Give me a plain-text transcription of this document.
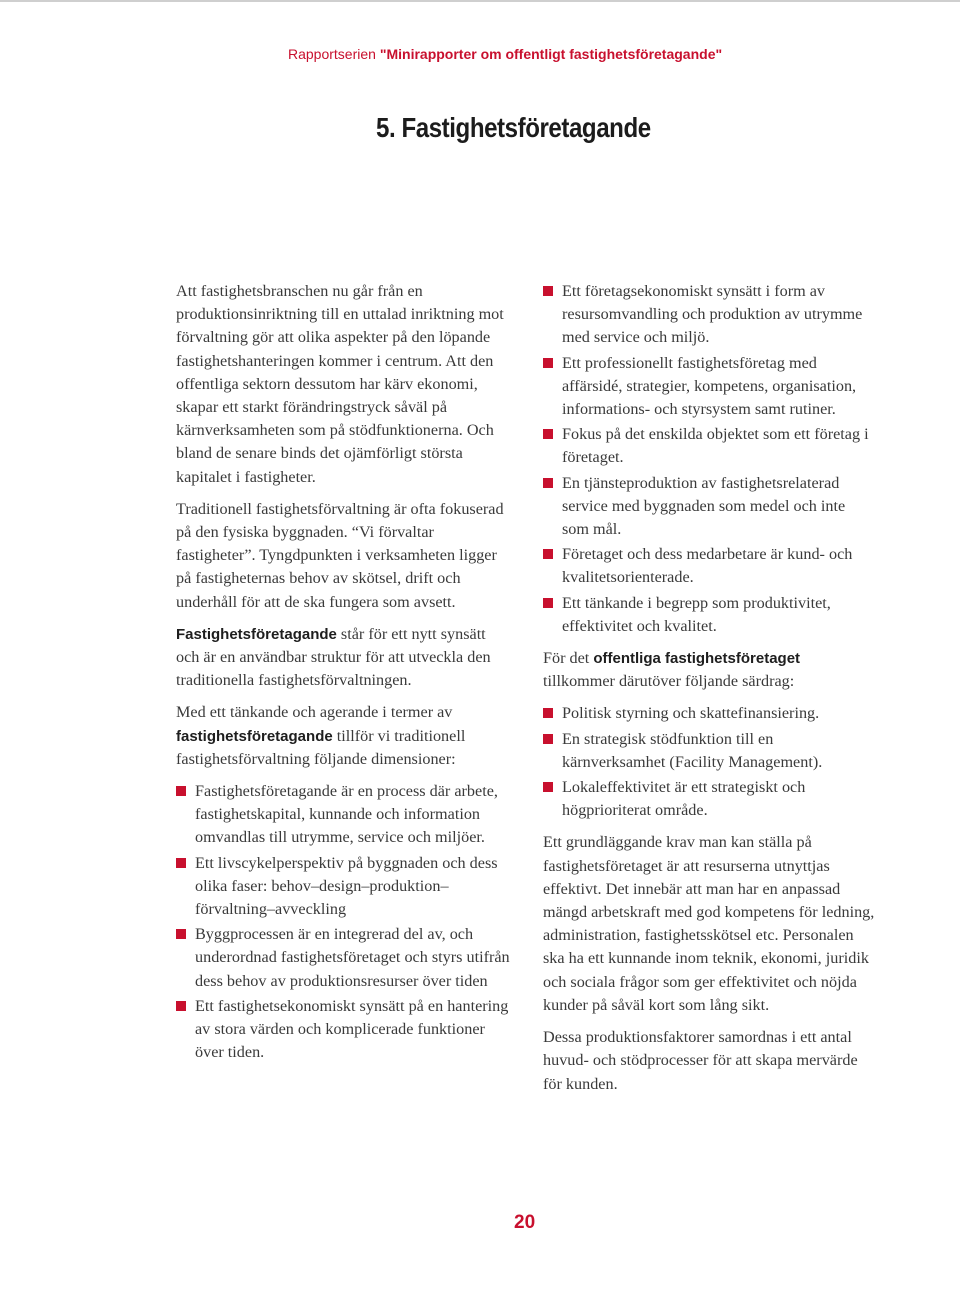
Rapportserien "Minirapporter om offentligt fastighetsföretagande"
5. Fastighetsföretagande

Att fastighetsbranschen nu går från en produktionsinriktning till en uttalad inriktning mot förvaltning gör att olika aspekter på den löpande fastighetshanteringen kommer i centrum. Att den offentliga sektorn dessutom har kärv ekonomi, skapar ett starkt förändringstryck såväl på kärnverksamheten som på stödfunktionerna. Och bland de senare binds det ojämförligt största kapitalet i fastigheter.

Traditionell fastighetsförvaltning är ofta fokuserad på den fysiska byggnaden. “Vi förvaltar fastigheter”. Tyngdpunkten i verksamheten ligger på fastigheternas behov av skötsel, drift och underhåll för att de ska fungera som avsett.

Fastighetsföretagande står för ett nytt synsätt och är en användbar struktur för att utveckla den traditionella fastighetsförvaltningen.

Med ett tänkande och agerande i termer av fastighetsföretagande tillför vi traditionell fastighetsförvaltning följande dimensioner:

Fastighetsföretagande är en process där arbete, fastighetskapital, kunnande och information omvandlas till utrymme, service och miljöer.
Ett livscykelperspektiv på byggnaden och dess olika faser: behov–design–produktion–förvaltning–avveckling
Byggprocessen är en integrerad del av, och underordnad fastighetsföretaget och styrs utifrån dess behov av produktionsresurser över tiden
Ett fastighetsekonomiskt synsätt på en hantering av stora värden och komplicerade funktioner över tiden.
Ett företagsekonomiskt synsätt i form av resursomvandling och produktion av utrymme med service och miljö.
Ett professionellt fastighetsföretag med affärsidé, strategier, kompetens, organisation, informations- och styrsystem samt rutiner.
Fokus på det enskilda objektet som ett företag i företaget.
En tjänsteproduktion av fastighetsrelaterad service med byggnaden som medel och inte som mål.
Företaget och dess medarbetare är kund- och kvalitetsorienterade.
Ett tänkande i begrepp som produktivitet, effektivitet och kvalitet.

För det offentliga fastighetsföretaget tillkommer därutöver följande särdrag:

Politisk styrning och skattefinansiering.
En strategisk stödfunktion till en kärnverksamhet (Facility Management).
Lokaleffektivitet är ett strategiskt och högprioriterat område.

Ett grundläggande krav man kan ställa på fastighetsföretaget är att resurserna utnyttjas effektivt. Det innebär att man har en anpassad mängd arbetskraft med god kompetens för ledning, administration, fastighetsskötsel etc. Personalen ska ha ett kunnande inom teknik, ekonomi, juridik och sociala frågor som ger effektivitet och nöjda kunder på såväl kort som lång sikt.

Dessa produktionsfaktorer samordnas i ett antal huvud- och stödprocesser för att skapa mervärde för kunden.

20
